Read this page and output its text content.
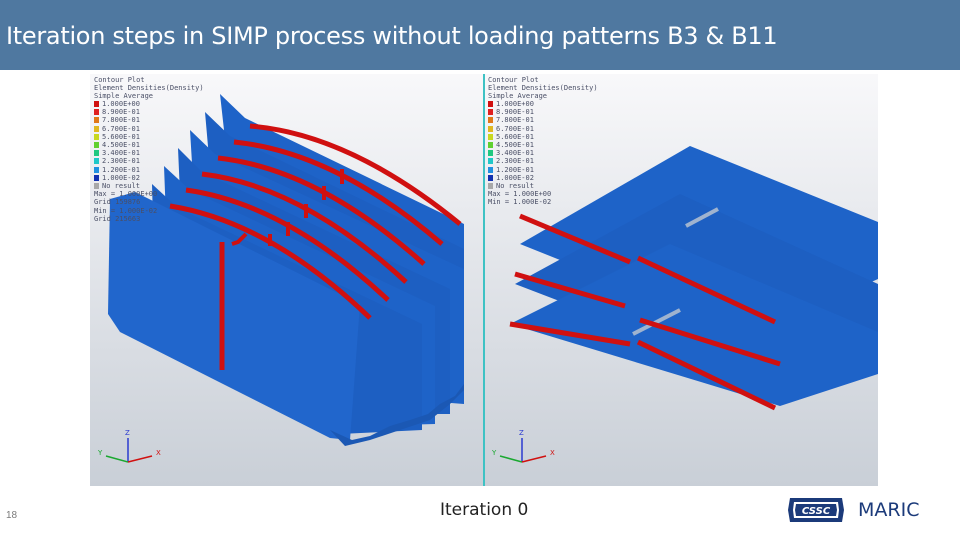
Iteration steps in SIMP process without loading patterns B3 & B11
Z
Y	X
Z
Y	X
Contour Plot
Element Densities(Density)
Simple Average
1.000E+00
8.900E-01
7.800E-01
6.700E-01
5.600E-01
4.500E-01
3.400E-01
2.300E-01
1.200E-01
1.000E-02
No result
Max = 1.000E+00
Grid 159876
Min = 1.000E-02
Grid 215663
Contour Plot
Element Densities(Density)
Simple Average
1.000E+00
8.900E-01
7.800E-01
6.700E-01
5.600E-01
4.500E-01
3.400E-01
2.300E-01
1.200E-01
1.000E-02
No result
Max = 1.000E+00
Min = 1.000E-02
18	Iteration 0	CSSC MARIC
